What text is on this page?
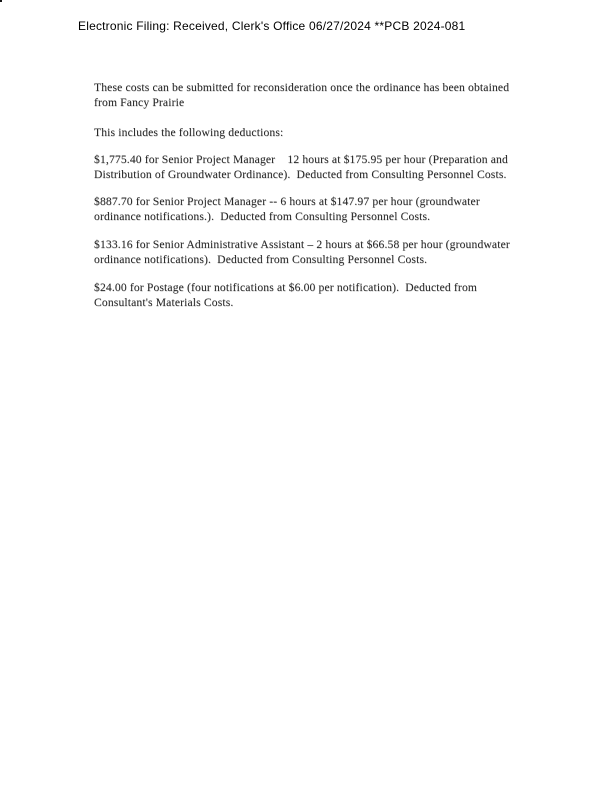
Electronic Filing: Received, Clerk's Office 06/27/2024 **PCB 2024-081

These costs can be submitted for reconsideration once the ordinance has been obtained
from Fancy Prairie

This includes the following deductions:

$1,775.40 for Senior Project Manager    12 hours at $175.95 per hour (Preparation and
Distribution of Groundwater Ordinance).  Deducted from Consulting Personnel Costs.

$887.70 for Senior Project Manager -- 6 hours at $147.97 per hour (groundwater
ordinance notifications.).  Deducted from Consulting Personnel Costs.

$133.16 for Senior Administrative Assistant – 2 hours at $66.58 per hour (groundwater
ordinance notifications).  Deducted from Consulting Personnel Costs.

$24.00 for Postage (four notifications at $6.00 per notification).  Deducted from
Consultant's Materials Costs.
